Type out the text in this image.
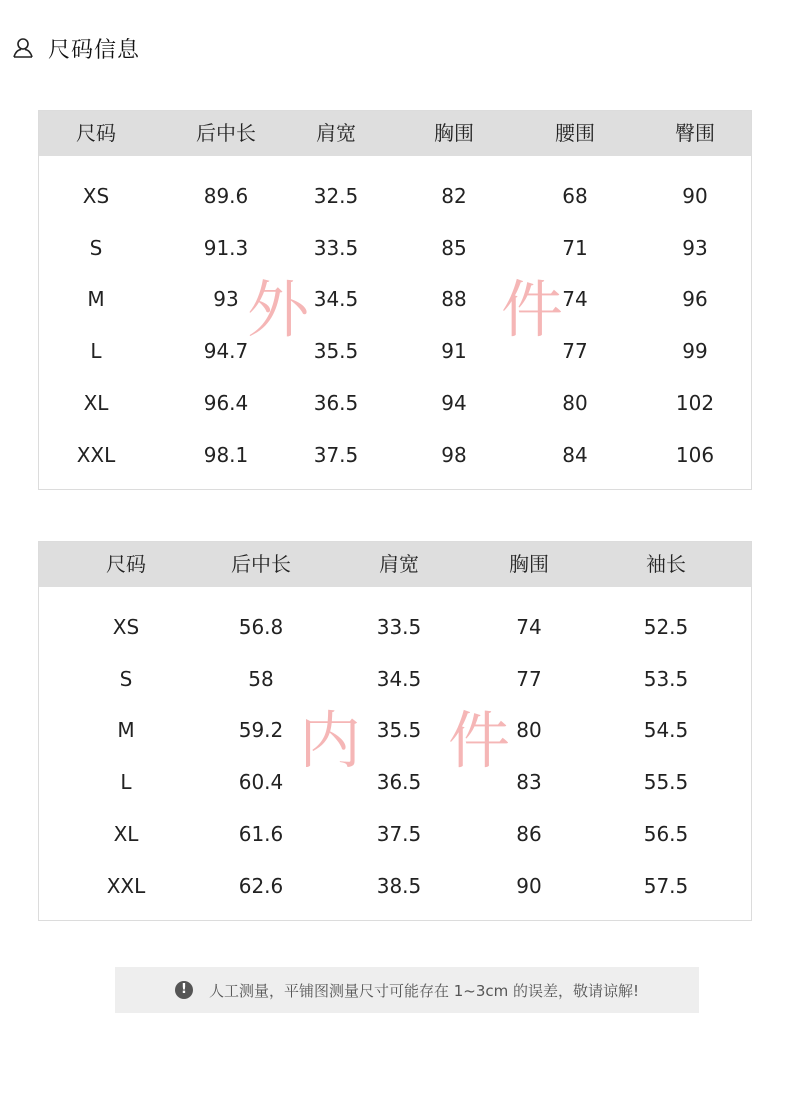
尺码信息
尺码	后中长	肩宽	胸围	腰围	臀围
外	件
XS	89.6	32.5	82	68	90
S	91.3	33.5	85	71	93
M	93	34.5	88	74	96
L	94.7	35.5	91	77	99
XL	96.4	36.5	94	80	102
XXL	98.1	37.5	98	84	106
尺码	后中长	肩宽	胸围	袖长
内 件
XS	56.8	33.5	74	52.5
S	58	34.5	77	53.5
M	59.2	35.5	80	54.5
L	60.4	36.5	83	55.5
XL	61.6	37.5	86	56.5
XXL	62.6	38.5	90	57.5
!	人工测量，平铺图测量尺寸可能存在 1~3cm 的误差，敬请谅解!
